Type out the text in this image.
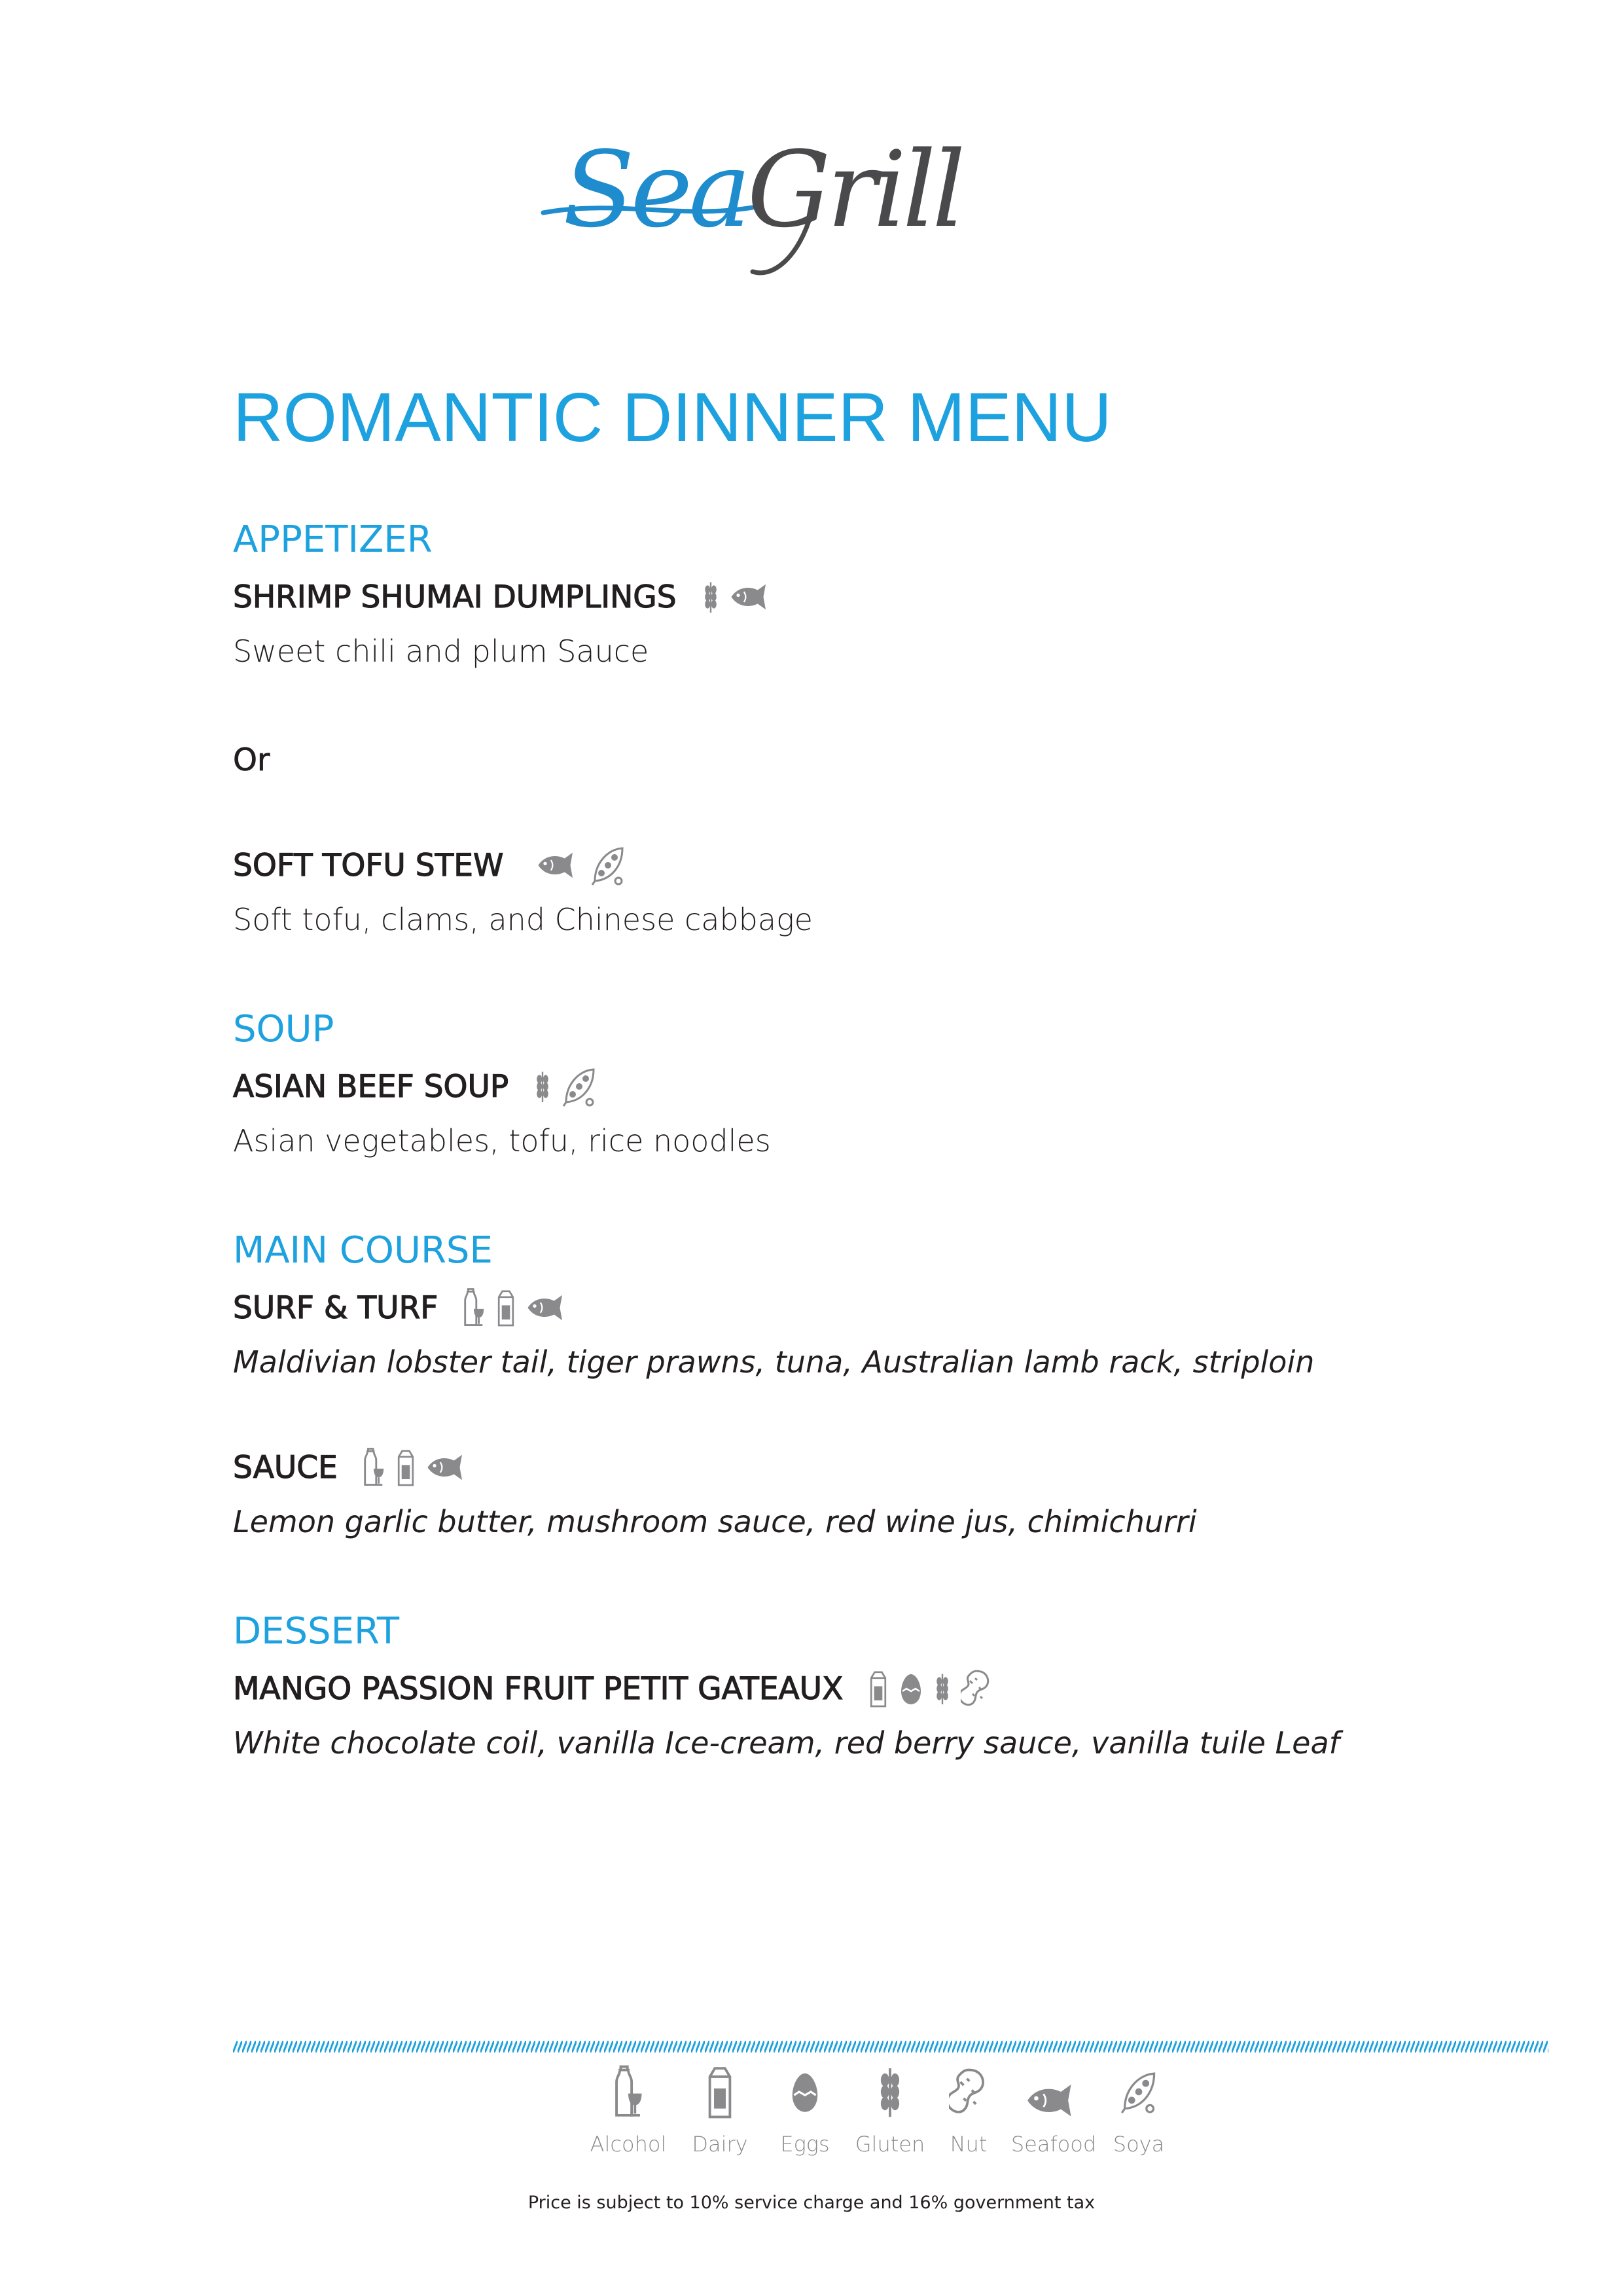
SeaGrill
ROMANTIC DINNER MENU
APPETIZER
SHRIMP SHUMAI DUMPLINGS
Sweet chili and plum Sauce
Or
SOFT TOFU STEW
Soft tofu, clams, and Chinese cabbage
SOUP
ASIAN BEEF SOUP
Asian vegetables, tofu, rice noodles
MAIN COURSE
SURF & TURF
Maldivian lobster tail, tiger prawns, tuna, Australian lamb rack, striploin
SAUCE
Lemon garlic butter, mushroom sauce, red wine jus, chimichurri
DESSERT
MANGO PASSION FRUIT PETIT GATEAUX
White chocolate coil, vanilla Ice-cream, red berry sauce, vanilla tuile Leaf
Alcohol	Dairy	Eggs	Gluten	Nut	Seafood Soya
Price is subject to 10% service charge and 16% government tax
